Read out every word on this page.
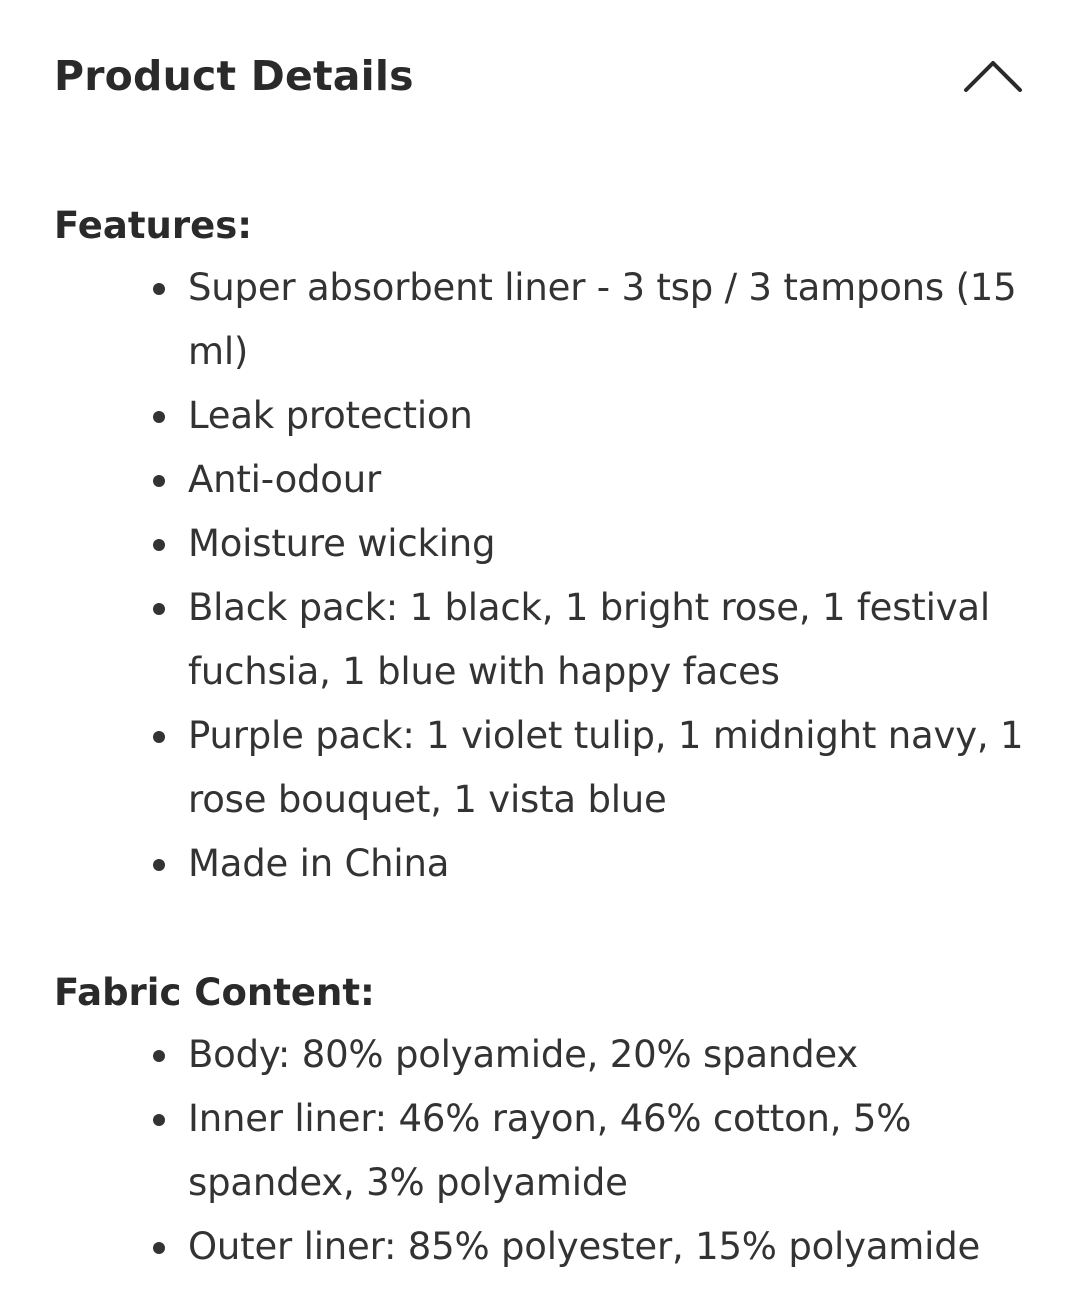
Product Details
Features:
Super absorbent liner - 3 tsp / 3 tampons (15 ml)
Leak protection
Anti-odour
Moisture wicking
Black pack: 1 black, 1 bright rose, 1 festival fuchsia, 1 blue with happy faces
Purple pack: 1 violet tulip, 1 midnight navy, 1 rose bouquet, 1 vista blue
Made in China
Fabric Content:
Body: 80% polyamide, 20% spandex
Inner liner: 46% rayon, 46% cotton, 5% spandex, 3% polyamide
Outer liner: 85% polyester, 15% polyamide
